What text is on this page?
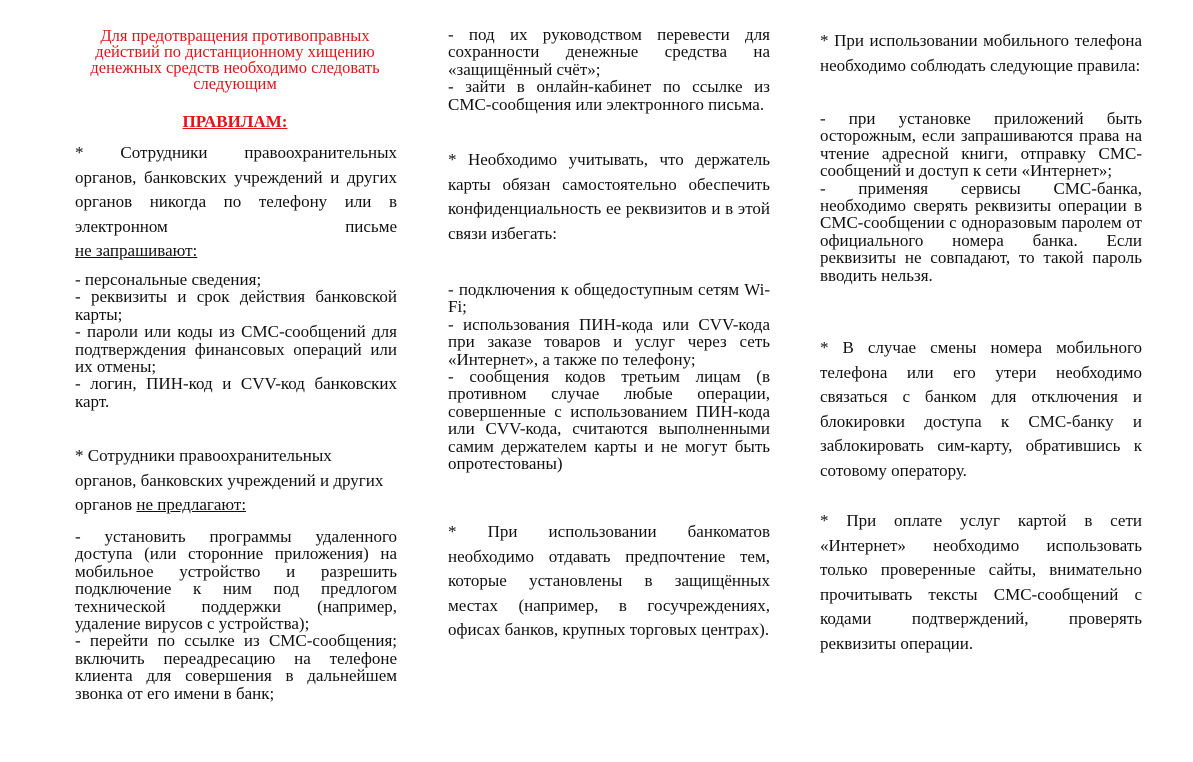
Для предотвращения противоправных действий по дистанционному хищению денежных средств необходимо следовать следующим
ПРАВИЛАМ:
* Сотрудники правоохранительных органов, банковских учреждений и других органов никогда по телефону или в электронном письме
не запрашивают:
- персональные сведения;
- реквизиты и срок действия банковской карты;
- пароли или коды из СМС-сообщений для подтверждения финансовых операций или их отмены;
- логин, ПИН-код и CVV-код банковских карт.
* Сотрудники правоохранительных органов, банковских учреждений и других органов не предлагают:
- установить программы удаленного доступа (или сторонние приложения) на мобильное устройство и разрешить подключение к ним под предлогом технической поддержки (например, удаление вирусов с устройства);
- перейти по ссылке из СМС-сообщения; включить переадресацию на телефоне клиента для совершения в дальнейшем звонка от его имени в банк;
- под их руководством перевести для сохранности денежные средства на «защищённый счёт»;
- зайти в онлайн-кабинет по ссылке из СМС-сообщения или электронного письма.
* Необходимо учитывать, что держатель карты обязан самостоятельно обеспечить конфиденциальность ее реквизитов и в этой связи избегать:
- подключения к общедоступным сетям Wi-Fi;
- использования ПИН-кода или CVV-кода при заказе товаров и услуг через сеть «Интернет», а также по телефону;
- сообщения кодов третьим лицам (в противном случае любые операции, совершенные с использованием ПИН-кода или CVV-кода, считаются выполненными самим держателем карты и не могут быть опротестованы)
* При использовании банкоматов необходимо отдавать предпочтение тем, которые установлены в защищённых местах (например, в госучреждениях, офисах банков, крупных торговых центрах).
* При использовании мобильного телефона необходимо соблюдать следующие правила:
- при установке приложений быть осторожным, если запрашиваются права на чтение адресной книги, отправку СМС-сообщений и доступ к сети «Интернет»;
- применяя сервисы СМС-банка, необходимо сверять реквизиты операции в СМС-сообщении с одноразовым паролем от официального номера банка. Если реквизиты не совпадают, то такой пароль вводить нельзя.
* В случае смены номера мобильного телефона или его утери необходимо связаться с банком для отключения и блокировки доступа к СМС-банку и заблокировать сим-карту, обратившись к сотовому оператору.
* При оплате услуг картой в сети «Интернет» необходимо использовать только проверенные сайты, внимательно прочитывать тексты СМС-сообщений с кодами подтверждений, проверять реквизиты операции.
